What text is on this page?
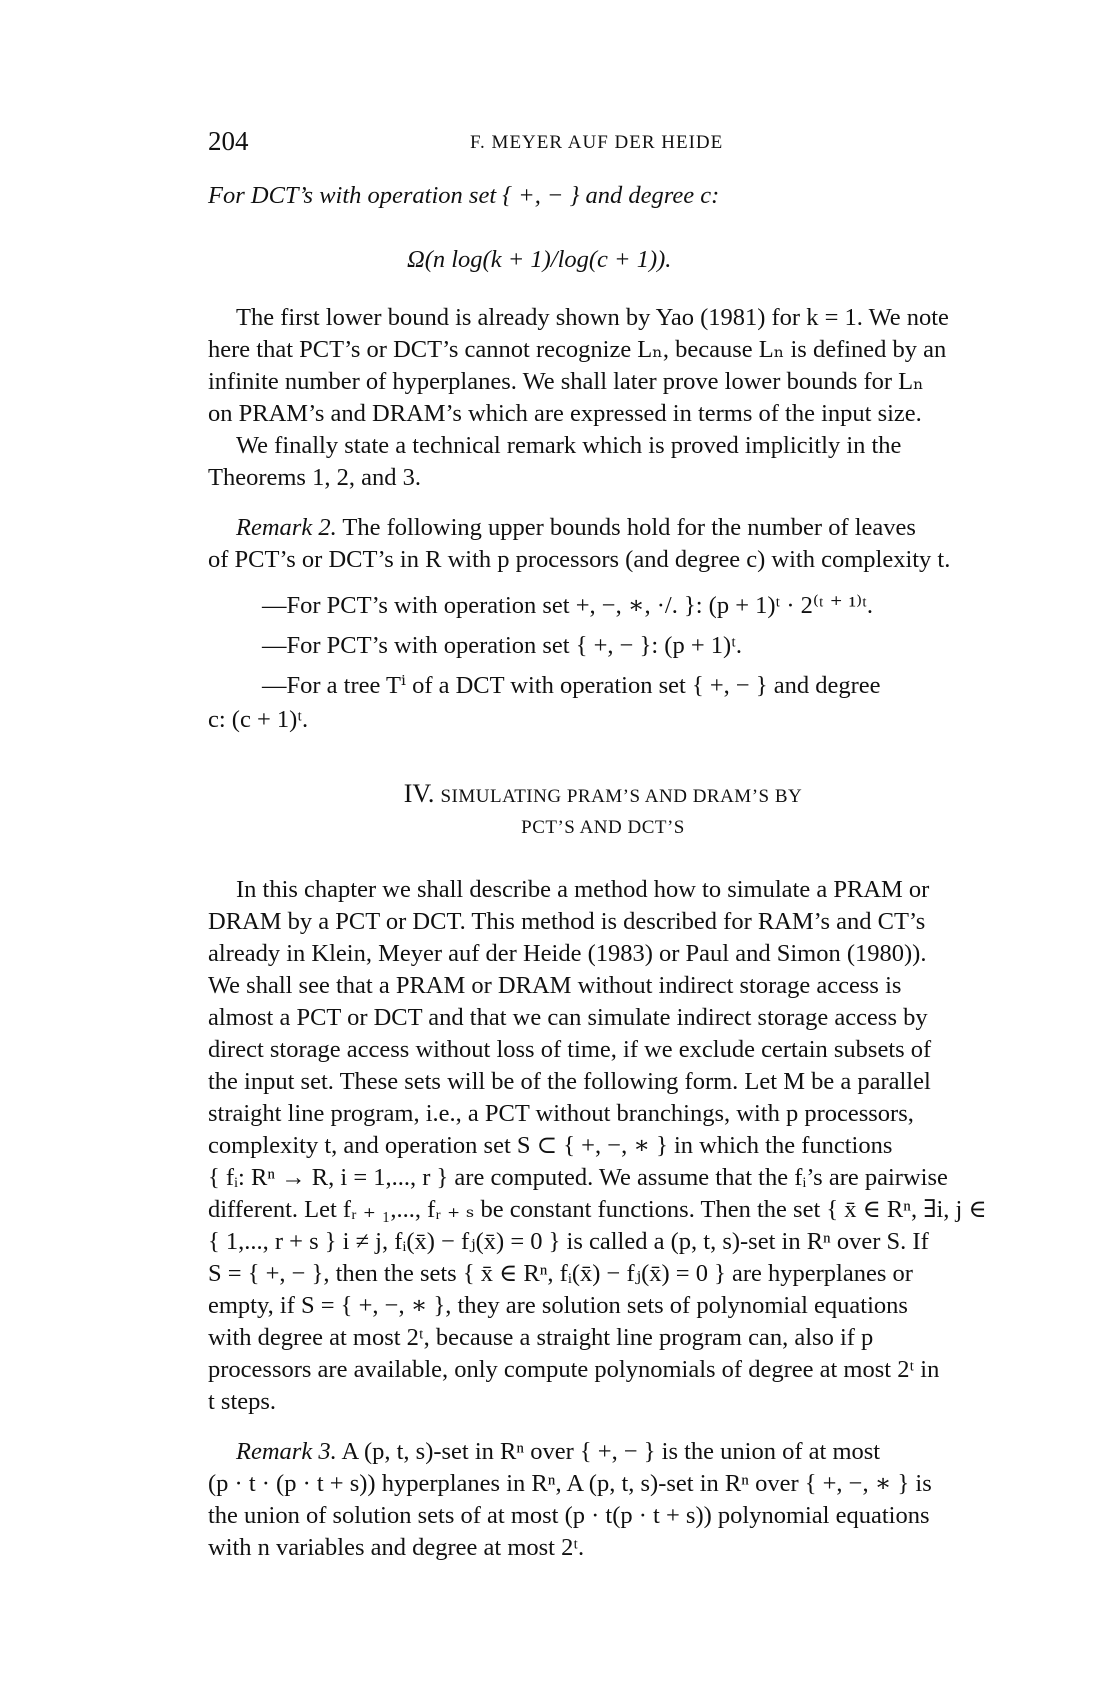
204	F. MEYER AUF DER HEIDE
For DCT’s with operation set { +, − } and degree c:
Ω(n log(k + 1)/log(c + 1)).
The first lower bound is already shown by Yao (1981) for k = 1. We note
here that PCT’s or DCT’s cannot recognize Lₙ, because Lₙ is defined by an
infinite number of hyperplanes. We shall later prove lower bounds for Lₙ
on PRAM’s and DRAM’s which are expressed in terms of the input size.
We finally state a technical remark which is proved implicitly in the
Theorems 1, 2, and 3.
Remark 2. The following upper bounds hold for the number of leaves
of PCT’s or DCT’s in R with p processors (and degree c) with complexity t.
—For PCT’s with operation set +, −, ∗, ·/. }: (p + 1)ᵗ · 2⁽ᵗ ⁺ ¹⁾ᵗ.
—For PCT’s with operation set { +, − }: (p + 1)ᵗ.
—For a tree Tⁱ of a DCT with operation set { +, − } and degree
c: (c + 1)ᵗ.
IV. SIMULATING PRAM’S AND DRAM’S BY
PCT’S AND DCT’S
In this chapter we shall describe a method how to simulate a PRAM or
DRAM by a PCT or DCT. This method is described for RAM’s and CT’s
already in Klein, Meyer auf der Heide (1983) or Paul and Simon (1980)).
We shall see that a PRAM or DRAM without indirect storage access is
almost a PCT or DCT and that we can simulate indirect storage access by
direct storage access without loss of time, if we exclude certain subsets of
the input set. These sets will be of the following form. Let M be a parallel
straight line program, i.e., a PCT without branchings, with p processors,
complexity t, and operation set S ⊂ { +, −, ∗ } in which the functions
{ fᵢ: Rⁿ → R, i = 1,..., r } are computed. We assume that the fᵢ’s are pairwise
different. Let fᵣ ₊ ₁,..., fᵣ ₊ ₛ be constant functions. Then the set { x̄ ∈ Rⁿ, ∃i, j ∈
{ 1,..., r + s } i ≠ j, fᵢ(x̄) − fⱼ(x̄) = 0 } is called a (p, t, s)-set in Rⁿ over S. If
S = { +, − }, then the sets { x̄ ∈ Rⁿ, fᵢ(x̄) − fⱼ(x̄) = 0 } are hyperplanes or
empty, if S = { +, −, ∗ }, they are solution sets of polynomial equations
with degree at most 2ᵗ, because a straight line program can, also if p
processors are available, only compute polynomials of degree at most 2ᵗ in
t steps.
Remark 3. A (p, t, s)-set in Rⁿ over { +, − } is the union of at most
(p · t · (p · t + s)) hyperplanes in Rⁿ, A (p, t, s)-set in Rⁿ over { +, −, ∗ } is
the union of solution sets of at most (p · t(p · t + s)) polynomial equations
with n variables and degree at most 2ᵗ.
